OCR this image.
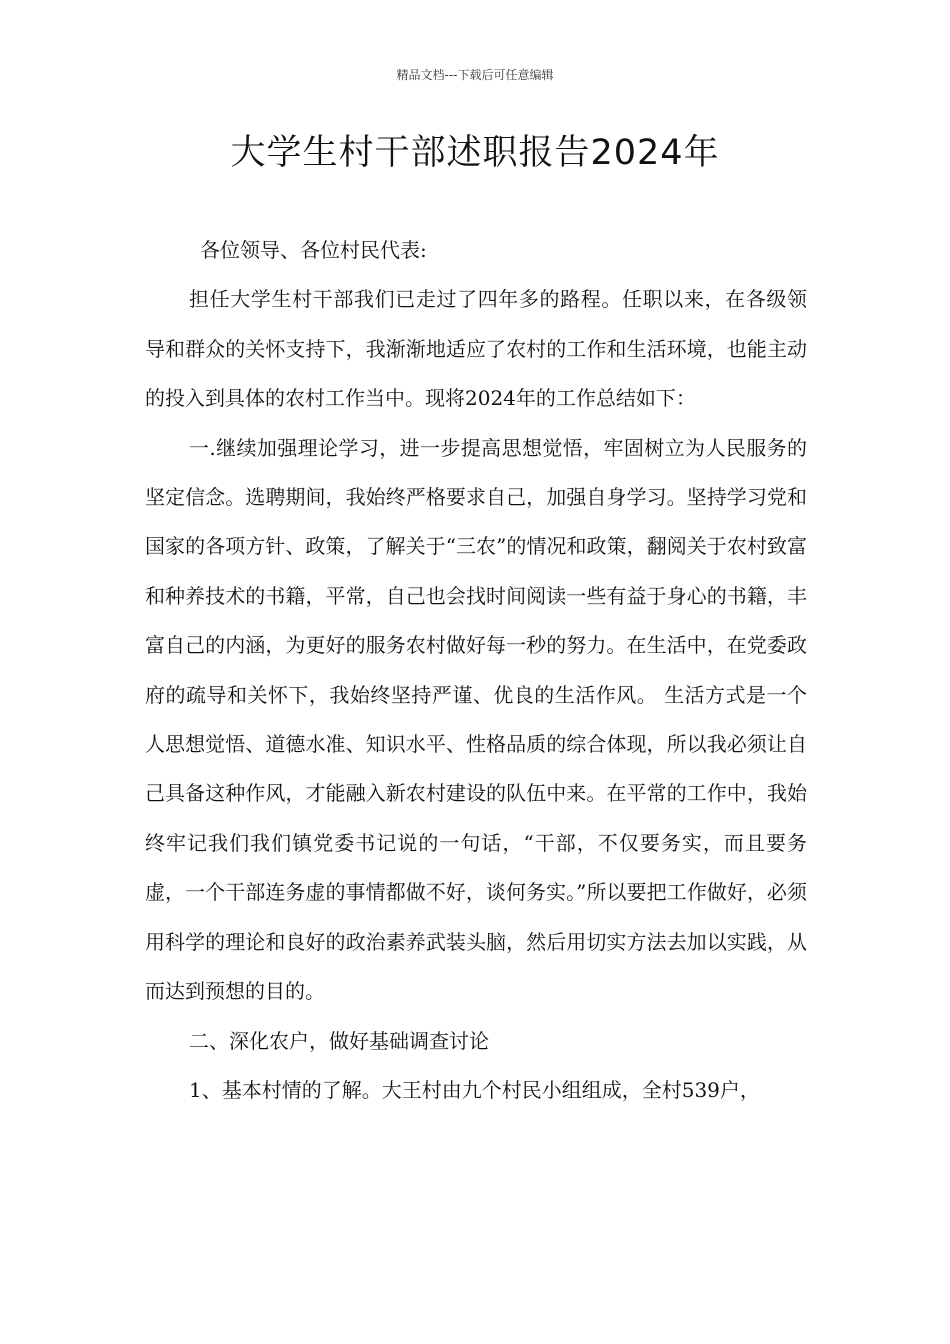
精品文档---下载后可任意编辑
大学生村干部述职报告2024年

各位领导、各位村民代表:

担任大学生村干部我们已走过了四年多的路程。任职以来，在各级领导和群众的关怀支持下，我渐渐地适应了农村的工作和生活环境，也能主动的投入到具体的农村工作当中。现将2024年的工作总结如下：

一.继续加强理论学习，进一步提高思想觉悟，牢固树立为人民服务的坚定信念。选聘期间，我始终严格要求自己，加强自身学习。坚持学习党和国家的各项方针、政策，了解关于“三农”的情况和政策，翻阅关于农村致富和种养技术的书籍，平常，自己也会找时间阅读一些有益于身心的书籍，丰富自己的内涵，为更好的服务农村做好每一秒的努力。在生活中，在党委政府的疏导和关怀下，我始终坚持严谨、优良的生活作风。 生活方式是一个人思想觉悟、道德水准、知识水平、性格品质的综合体现，所以我必须让自己具备这种作风，才能融入新农村建设的队伍中来。在平常的工作中，我始终牢记我们我们镇党委书记说的一句话，“干部，不仅要务实，而且要务虚，一个干部连务虚的事情都做不好，谈何务实。”所以要把工作做好，必须用科学的理论和良好的政治素养武装头脑，然后用切实方法去加以实践，从而达到预想的目的。

二、深化农户，做好基础调查讨论

1、基本村情的了解。大王村由九个村民小组组成，全村539户，
